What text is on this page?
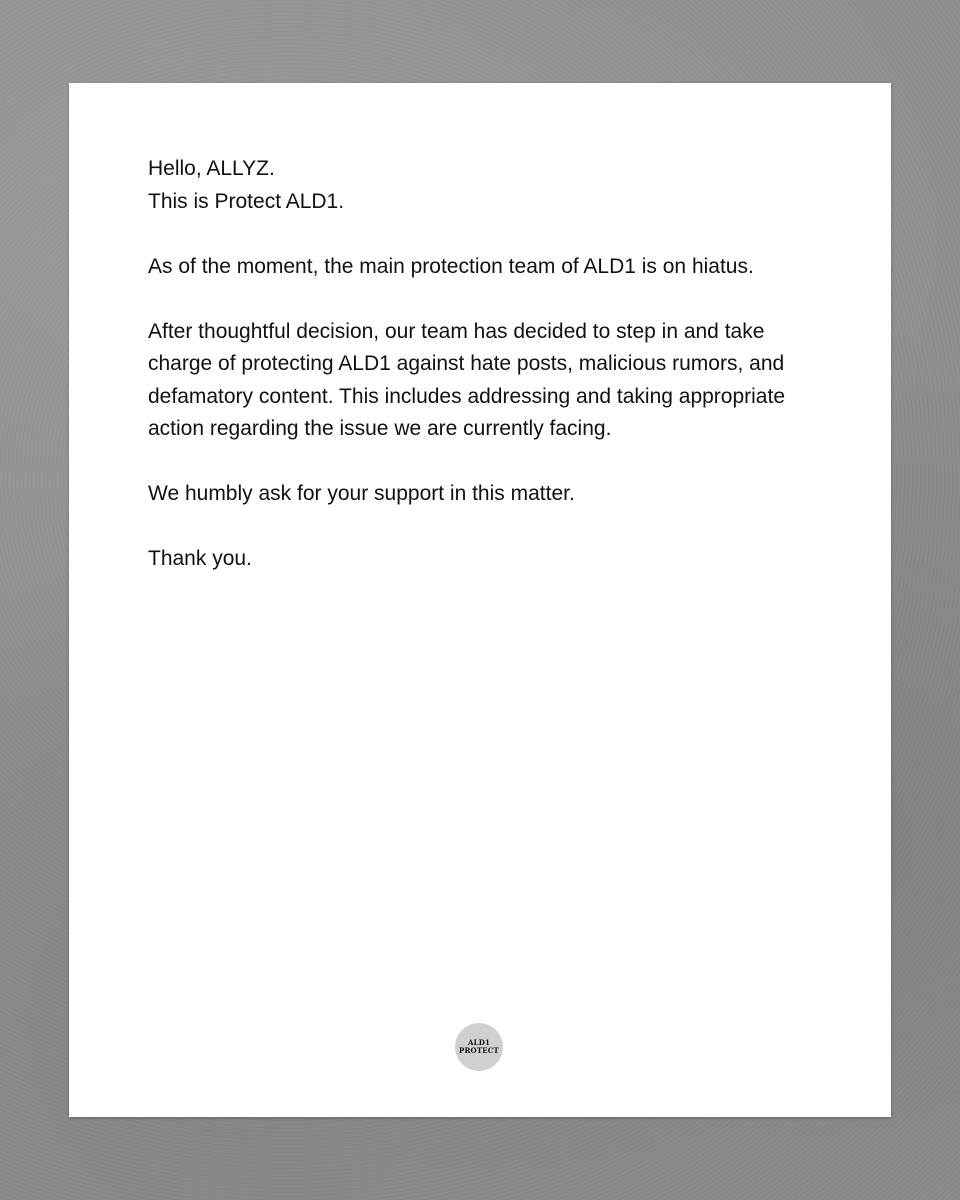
Hello, ALLYZ.

This is Protect ALD1.

As of the moment, the main protection team of ALD1 is on hiatus.

After thoughtful decision, our team has decided to step in and take charge of protecting ALD1 against hate posts, malicious rumors, and defamatory content. This includes addressing and taking appropriate action regarding the issue we are currently facing.

We humbly ask for your support in this matter.

Thank you.

ALD1
PROTECT
